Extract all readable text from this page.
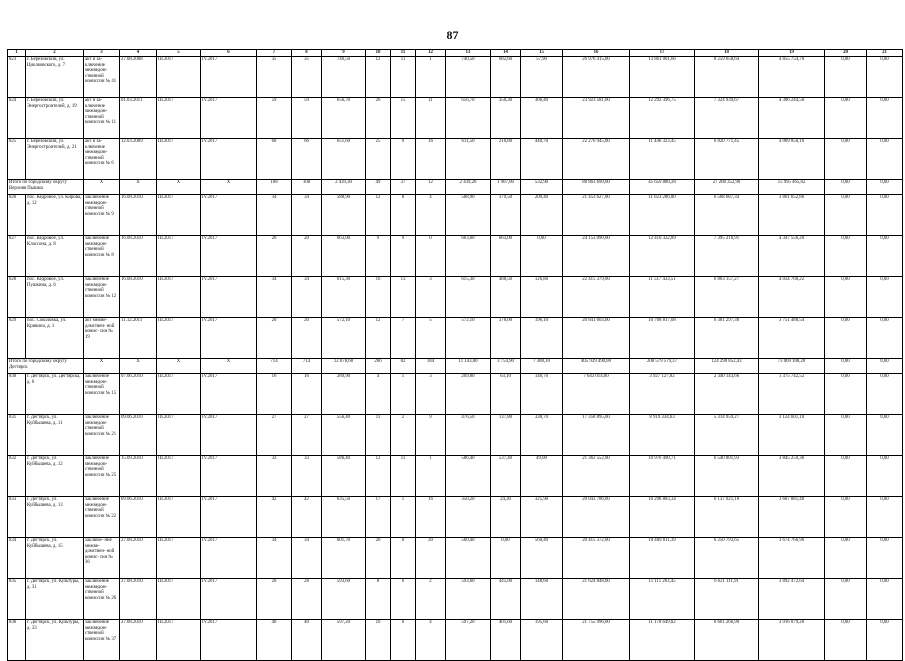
87
1	2	3	4	5	6	7	8	9	10	11	12	13	14	15	16	17	18	19	20	21
823	г. Березовский, ул. Циолковского, д. 7	акт и за- ключение межведом- ственной комиссии № 41	27.08.2008	III.2017	IV.2017	35	35	740,50	12	11	1	740,50	682,60	57,90	26 976 415,00	13 861 001,66	8 259 658,64	4 855 754,70	0,00	0,00
824	г. Березовский, ул. Энергостроителей, д. 19	акт и за- ключение межведом- ственной комиссии № 11	01.03.2011	III.2017	IV.2017	59	59	656,70	26	15	11	656,70	350,30	306,40	23 923 581,00	12 292 396,75	7 324 939,67	4 306 244,58	0,00	0,00
825	г. Березовский, ул. Энергостроителей, д. 21	акт и за- ключение межведом- ственной комиссии № 6	12.03.2009	III.2017	IV.2017	68	66	651,60	25	9	16	611,50	210,80	440,70	22 276 945,00	11 446 323,45	6 820 771,45	4 009 850,10	0,00	0,00
Итого по городскому округу Верхняя Пышма		X	X	X	X	108	108	2 439,30	49	37	12	2 439,20	1 907,00	532,90	88 863 699,00	45 659 880,28	27 208 352,90	15 995 465,82	0,00	0,00
826	пос. Кедровое, ул. Кирова, д. 12	заключение межведом- ственной комиссии № 9	16.08.2010	III.2017	IV.2017	34	34	588,90	12	8	4	588,90	379,50	209,40	21 453 627,00	11 023 286,80	6 568 687,34	3 861 652,86	0,00	0,00
827	пос. Кедровое, ул. Классона, д. 8	заключение межведом- ственной комиссии № 8	16.08.2010	III.2017	IV.2017	20	20	663,00	9	9	0	663,00	663,00	0,00	24 153 090,00	12 410 322,89	7 395 210,91	4 347 556,20	0,00	0,00
828	пос. Кедровое, ул. Пушкина, д. 6	заключение межведом- ственной комиссии № 12	16.08.2010	III.2017	IV.2017	34	34	615,30	16	13	3	615,30	488,50	126,80	22 415 379,00	11 517 433,51	6 863 157,27	4 034 768,22	0,00	0,00
829	пос. Соколовка, ул. Кривина, д. 1	акт межве- домствен- ной комис- сии № 19	11.12.2011	III.2017	IV.2017	20	20	572,10	12	7	5	572,10	376,00	196,10	20 841 603,00	10 708 817,08	6 381 297,38	3 751 488,54	0,00	0,00
Итого по городскому округу Дегтярск		X	X	X	X	714	714	12 078,60	266	82	184	11 143,00	3 754,90	7 388,10	405 939 490,00	208 579 579,37	124 290 852,43	73 069 108,20	0,00	0,00
830	г. Дегтярск, ул. Дегтярска, д. 6	заключение межведом- ственной комиссии № 15	07.06.2010	III.2017	IV.2017	16	16	289,90	4	1	3	209,80	63,10	146,70	7 643 014,00	3 927 127,82	2 340 143,66	1 375 742,52	0,00	0,00
831	г. Дегтярск, ул. Куйбышева, д. 11	заключение межведом- ственной комиссии № 21	09.06.2010	III.2017	IV.2017	27	27	556,40	11	2	9	476,50	137,80	338,70	17 358 895,00	8 919 334,63	5 314 959,27	3 124 601,10	0,00	0,00
832	г. Дегтярск, ул. Куйбышева, д. 12	заключение межведом- ственной комиссии № 25	15.09.2010	III.2017	IV.2017	33	33	586,40	12	11	1	586,40	537,40	49,00	21 362 552,00	10 976 490,71	6 540 801,93	3 845 259,36	0,00	0,00
833	г. Дегтярск, ул. Куйбышева, д. 13	заключение межведом- ственной комиссии № 22	09.06.2010	III.2017	IV.2017	42	42	635,50	17	1	16	350,20	24,30	325,90	20 043 786,00	10 298 883,34	6 137 021,18	3 607 881,48	0,00	0,00
834	г. Дегтярск, ул. Куйбышева, д. 15	заключе- ние межве- домствен- ной комис- сии № 36	27.08.2010	III.2017	IV.2017	34	34	601,70	20	0	20	560,40	0,00	560,40	20 415 372,00	10 489 811,39	6 250 793,65	3 674 766,96	0,00	0,00
835	г. Дегтярск, ул. Культуры, д. 31	заключение межведом- ственной комиссии № 26	27.08.2010	III.2017	IV.2017	28	28	593,60	8	6	2	593,60	445,00	148,60	21 624 848,00	11 111 263,45	6 621 111,91	3 892 472,64	0,00	0,00
836	г. Дегтярск, ул. Культуры, д. 33	заключение межведом- ственной комиссии № 37	27.08.2010	III.2017	IV.2017	40	40	597,20	10	6	4	597,20	401,60	195,60	21 755 996,00	11 178 649,82	6 661 266,90	3 916 079,28	0,00	0,00
